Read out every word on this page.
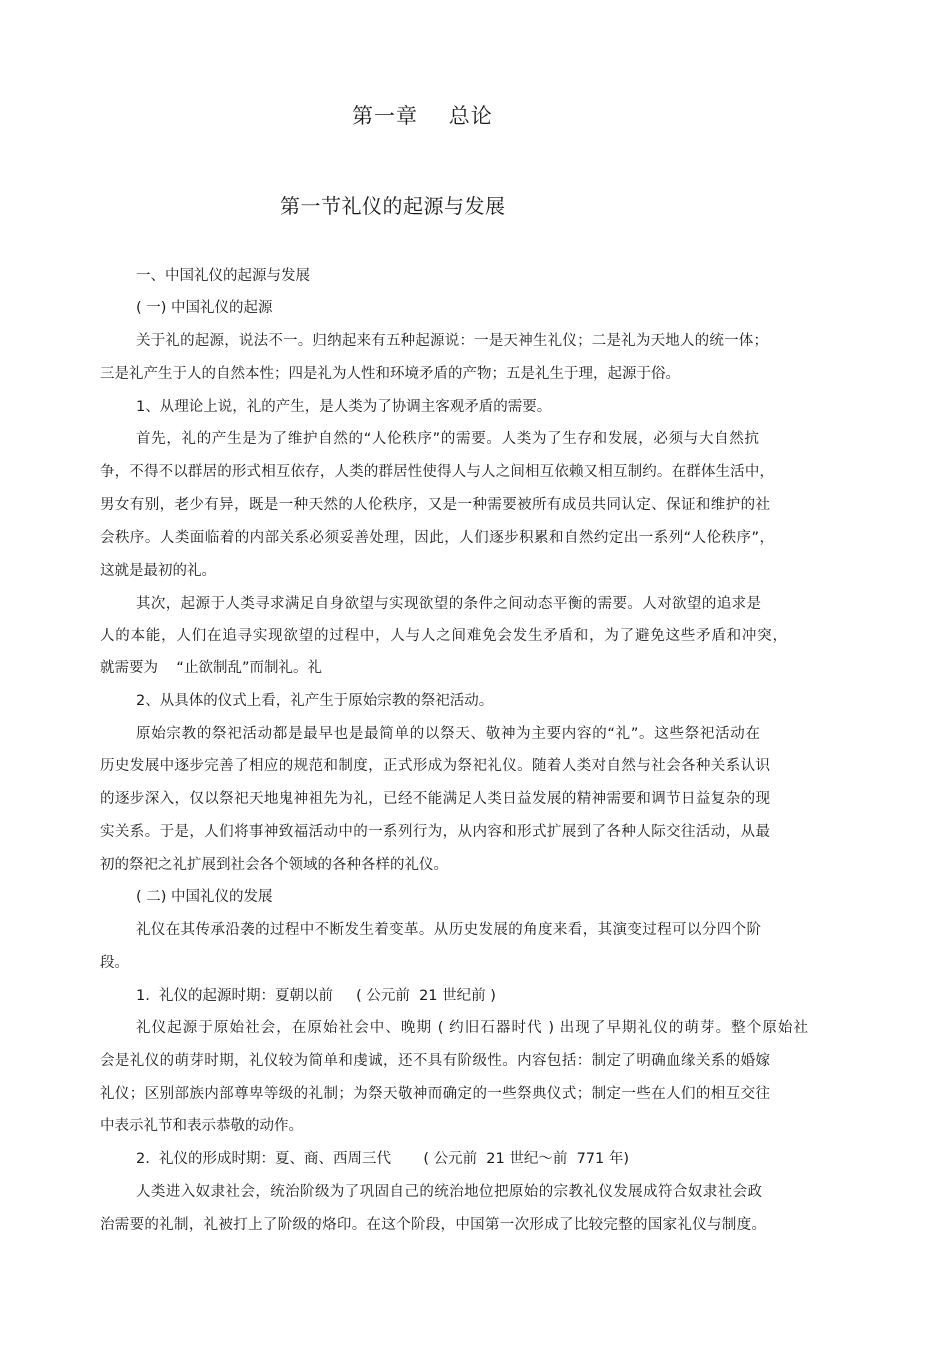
第一章    总论
第一节礼仪的起源与发展
一、中国礼仪的起源与发展
( 一) 中国礼仪的起源
关于礼的起源，说法不一。归纳起来有五种起源说：一是天神生礼仪；二是礼为天地人的统一体；
三是礼产生于人的自然本性；四是礼为人性和环境矛盾的产物；五是礼生于理，起源于俗。
1、从理论上说，礼的产生，是人类为了协调主客观矛盾的需要。
首先，礼的产生是为了维护自然的“人伦秩序”的需要。人类为了生存和发展，必须与大自然抗
争，不得不以群居的形式相互依存，人类的群居性使得人与人之间相互依赖又相互制约。在群体生活中，
男女有别，老少有异，既是一种天然的人伦秩序，又是一种需要被所有成员共同认定、保证和维护的社
会秩序。人类面临着的内部关系必须妥善处理，因此，人们逐步积累和自然约定出一系列“人伦秩序”，
这就是最初的礼。
其次，起源于人类寻求满足自身欲望与实现欲望的条件之间动态平衡的需要。人对欲望的追求是
人的本能，人们在追寻实现欲望的过程中，人与人之间难免会发生矛盾和，为了避免这些矛盾和冲突，
就需要为    “止欲制乱”而制礼。礼
2、从具体的仪式上看，礼产生于原始宗教的祭祀活动。
原始宗教的祭祀活动都是最早也是最简单的以祭天、敬神为主要内容的“礼”。这些祭祀活动在
历史发展中逐步完善了相应的规范和制度，正式形成为祭祀礼仪。随着人类对自然与社会各种关系认识
的逐步深入，仅以祭祀天地鬼神祖先为礼，已经不能满足人类日益发展的精神需要和调节日益复杂的现
实关系。于是，人们将事神致福活动中的一系列行为，从内容和形式扩展到了各种人际交往活动，从最
初的祭祀之礼扩展到社会各个领域的各种各样的礼仪。
( 二) 中国礼仪的发展
礼仪在其传承沿袭的过程中不断发生着变革。从历史发展的角度来看，其演变过程可以分四个阶
段。
1.  礼仪的起源时期：夏朝以前     ( 公元前  21 世纪前 )
礼仪起源于原始社会，在原始社会中、晚期 ( 约旧石器时代 ) 出现了早期礼仪的萌芽。整个原始社
会是礼仪的萌芽时期，礼仪较为简单和虔诚，还不具有阶级性。内容包括：制定了明确血缘关系的婚嫁
礼仪；区别部族内部尊卑等级的礼制；为祭天敬神而确定的一些祭典仪式；制定一些在人们的相互交往
中表示礼节和表示恭敬的动作。
2.  礼仪的形成时期：夏、商、西周三代       ( 公元前  21 世纪～前  771 年)
人类进入奴隶社会，统治阶级为了巩固自己的统治地位把原始的宗教礼仪发展成符合奴隶社会政
治需要的礼制，礼被打上了阶级的烙印。在这个阶段，中国第一次形成了比较完整的国家礼仪与制度。
